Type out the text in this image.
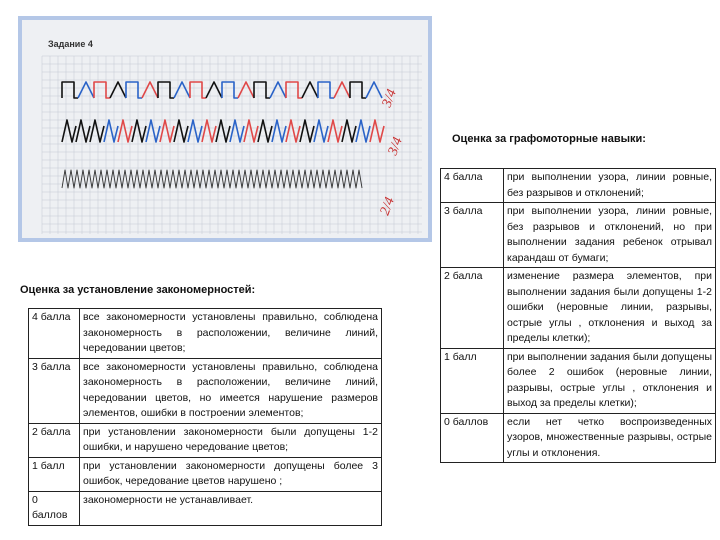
Задание 4
3/4
3/4
2/4
Оценка за графомоторные навыки:
4 балла	при выполнении узора, линии ровные, без разрывов и отклонений;
3 балла	при выполнении узора, линии ровные, без разрывов и отклонений, но при выполнении задания ребенок отрывал карандаш от бумаги;
2 балла	изменение размера элементов, при выполнении задания были допущены 1-2 ошибки (неровные линии, разрывы, острые углы , отклонения и выход за пределы клетки);
1 балл	при выполнении задания были допущены более 2 ошибок (неровные линии, разрывы, острые углы , отклонения и выход за пределы клетки);
0 баллов	если нет четко воспроизведенных узоров, множественные разрывы, острые углы и отклонения.
Оценка за установление закономерностей:
4 балла	все закономерности установлены правильно, соблюдена закономерность в расположении, величине линий, чередовании цветов;
3 балла	все закономерности установлены правильно, соблюдена закономерность в расположении, величине линий, чередовании цветов, но имеется нарушение размеров элементов, ошибки в построении элементов;
2 балла	при установлении закономерности были допущены 1-2 ошибки, и нарушено чередование цветов;
1 балл	при установлении закономерности допущены более 3 ошибок, чередование цветов нарушено ;
0 баллов	закономерности не устанавливает.
